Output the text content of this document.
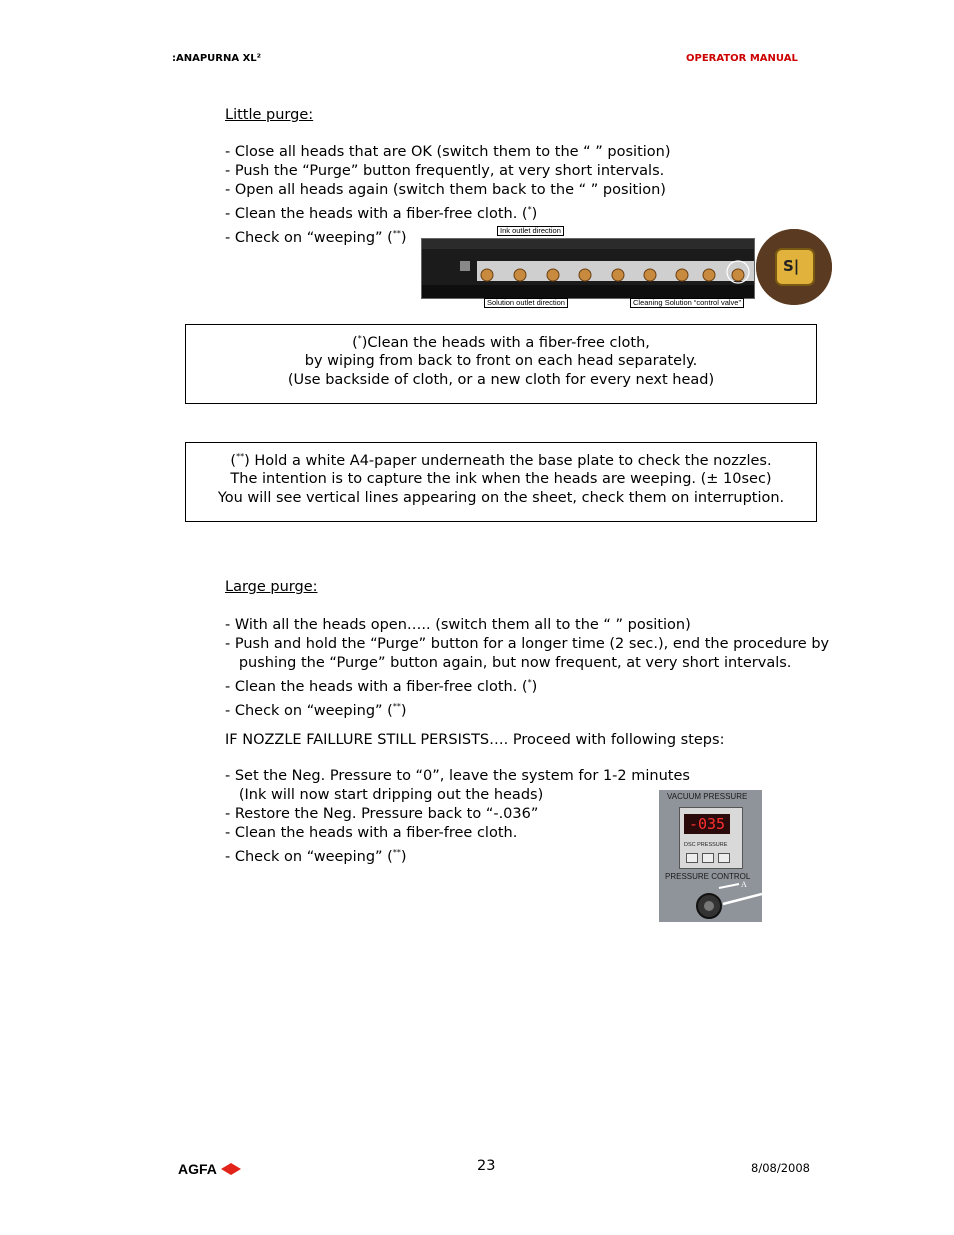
:ANAPURNA XL²	OPERATOR MANUAL
Little purge:
- Close all heads that are OK (switch them to the “ ” position)
- Push the “Purge” button frequently, at very short intervals.
- Open all heads again (switch them back to the “ ” position)
- Clean the heads with a fiber-free cloth. (*)
- Check on “weeping” (**)	Ink outlet direction
Solution outlet direction	Cleaning Solution “control valve”
S|
(*)Clean the heads with a fiber-free cloth,
by wiping from back to front on each head separately.
(Use backside of cloth, or a new cloth for every next head)
(**) Hold a white A4-paper underneath the base plate to check the nozzles.
The intention is to capture the ink when the heads are weeping. (± 10sec)
You will see vertical lines appearing on the sheet, check them on interruption.
Large purge:
- With all the heads open….. (switch them all to the “ ” position)
- Push and hold the “Purge” button for a longer time (2 sec.), end the procedure by
pushing the “Purge” button again, but now frequent, at very short intervals.
- Clean the heads with a fiber-free cloth. (*)
- Check on “weeping” (**)
IF NOZZLE FAILLURE STILL PERSISTS…. Proceed with following steps:
- Set the Neg. Pressure to “0”, leave the system for 1-2 minutes
(Ink will now start dripping out the heads)
- Restore the Neg. Pressure back to “-.036”
- Clean the heads with a fiber-free cloth.
- Check on “weeping” (**)
VACUUM PRESSURE
-035
DSC PRESSURE
PRESSURE CONTROL
A
AGFA	23	8/08/2008
